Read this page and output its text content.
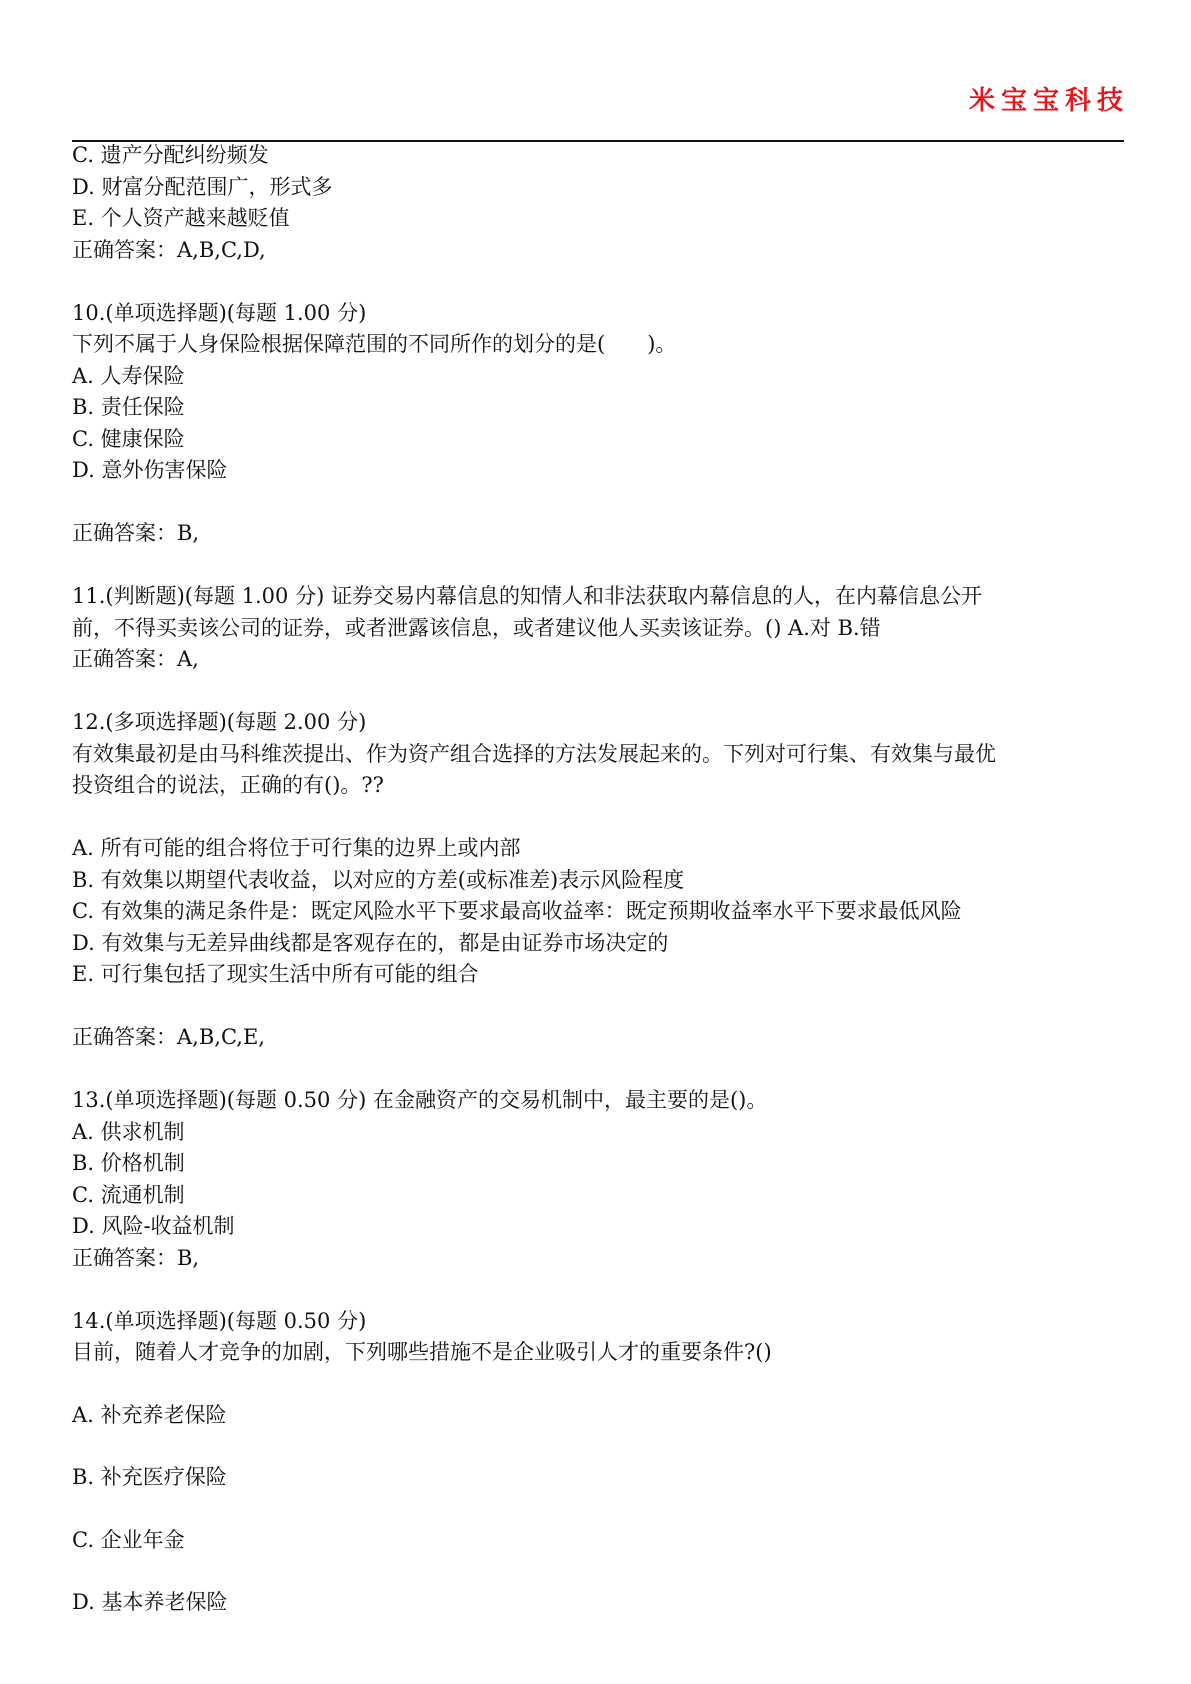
米宝宝科技
C. 遗产分配纠纷频发
D. 财富分配范围广，形式多
E. 个人资产越来越贬值
正确答案：A,B,C,D,
10.(单项选择题)(每题 1.00 分)
下列不属于人身保险根据保障范围的不同所作的划分的是(　　)。
A. 人寿保险
B. 责任保险
C. 健康保险
D. 意外伤害保险
正确答案：B,
11.(判断题)(每题 1.00 分) 证券交易内幕信息的知情人和非法获取内幕信息的人，在内幕信息公开
前，不得买卖该公司的证券，或者泄露该信息，或者建议他人买卖该证券。() A.对 B.错
正确答案：A,
12.(多项选择题)(每题 2.00 分)
有效集最初是由马科维茨提出、作为资产组合选择的方法发展起来的。下列对可行集、有效集与最优
投资组合的说法，正确的有()。??
A. 所有可能的组合将位于可行集的边界上或内部
B. 有效集以期望代表收益，以对应的方差(或标准差)表示风险程度
C. 有效集的满足条件是：既定风险水平下要求最高收益率：既定预期收益率水平下要求最低风险
D. 有效集与无差异曲线都是客观存在的，都是由证券市场决定的
E. 可行集包括了现实生活中所有可能的组合
正确答案：A,B,C,E,
13.(单项选择题)(每题 0.50 分) 在金融资产的交易机制中，最主要的是()。
A. 供求机制
B. 价格机制
C. 流通机制
D. 风险-收益机制
正确答案：B,
14.(单项选择题)(每题 0.50 分)
目前，随着人才竞争的加剧，下列哪些措施不是企业吸引人才的重要条件?()
A. 补充养老保险
B. 补充医疗保险
C. 企业年金
D. 基本养老保险
